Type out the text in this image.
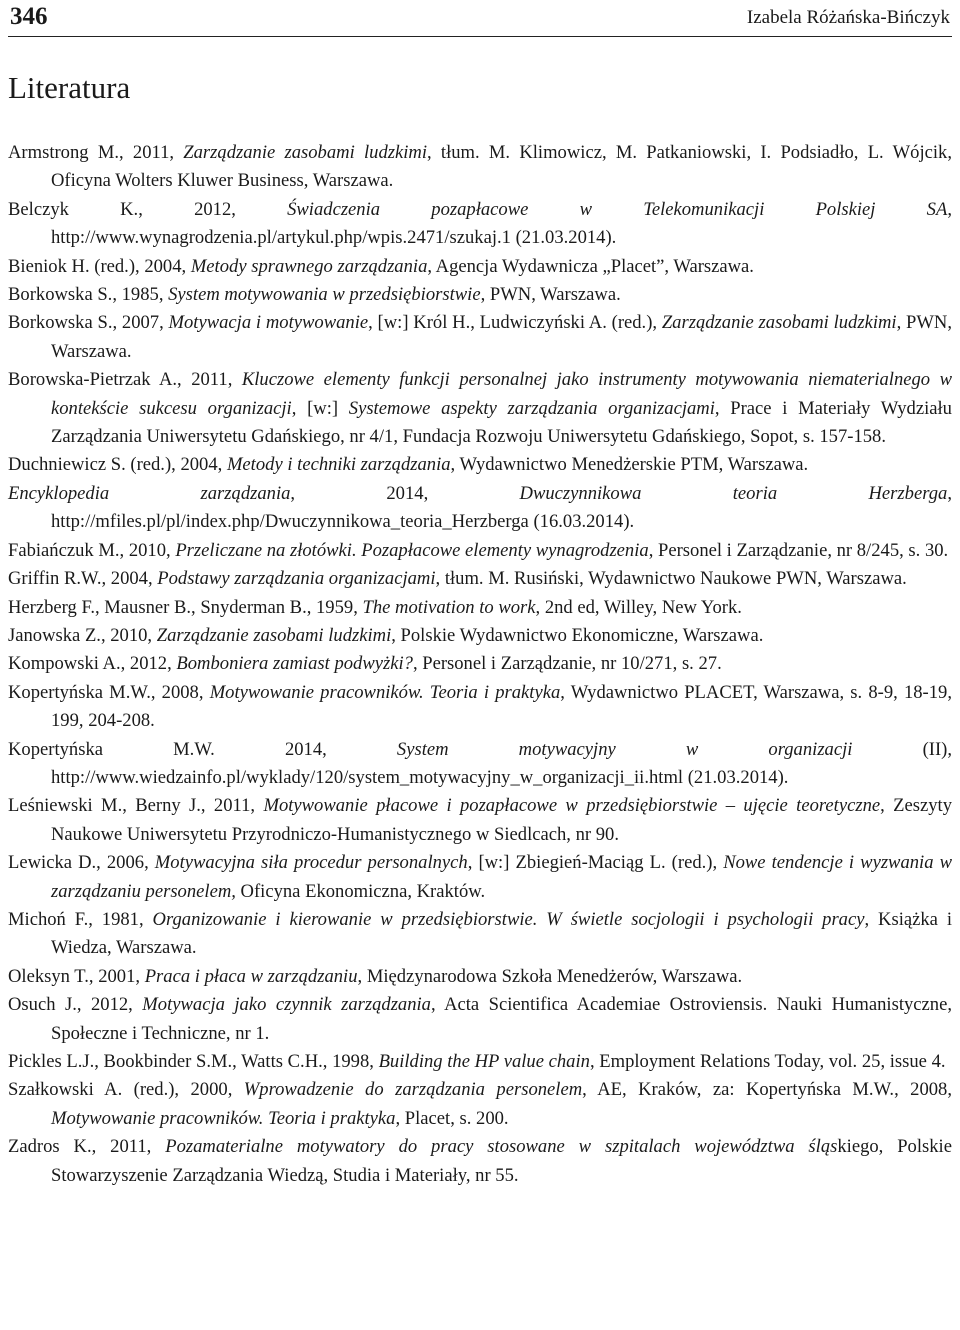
346	Izabela Różańska-Bińczyk
Literatura
Armstrong M., 2011, Zarządzanie zasobami ludzkimi, tłum. M. Klimowicz, M. Patkaniowski, I. Podsiadło, L. Wójcik, Oficyna Wolters Kluwer Business, Warszawa.
Belczyk K., 2012, Świadczenia pozapłacowe w Telekomunikacji Polskiej SA, http://www.wynagrodzenia.pl/artykul.php/wpis.2471/szukaj.1 (21.03.2014).
Bieniok H. (red.), 2004, Metody sprawnego zarządzania, Agencja Wydawnicza „Placet”, Warszawa.
Borkowska S., 1985, System motywowania w przedsiębiorstwie, PWN, Warszawa.
Borkowska S., 2007, Motywacja i motywowanie, [w:] Król H., Ludwiczyński A. (red.), Zarządzanie zasobami ludzkimi, PWN, Warszawa.
Borowska-Pietrzak A., 2011, Kluczowe elementy funkcji personalnej jako instrumenty motywowania niematerialnego w kontekście sukcesu organizacji, [w:] Systemowe aspekty zarządzania organizacjami, Prace i Materiały Wydziału Zarządzania Uniwersytetu Gdańskiego, nr 4/1, Fundacja Rozwoju Uniwersytetu Gdańskiego, Sopot, s. 157-158.
Duchniewicz S. (red.), 2004, Metody i techniki zarządzania, Wydawnictwo Menedżerskie PTM, Warszawa.
Encyklopedia zarządzania, 2014, Dwuczynnikowa teoria Herzberga, http://mfiles.pl/pl/index.php/Dwuczynnikowa_teoria_Herzberga (16.03.2014).
Fabiańczuk M., 2010, Przeliczane na złotówki. Pozapłacowe elementy wynagrodzenia, Personel i Zarządzanie, nr 8/245, s. 30.
Griffin R.W., 2004, Podstawy zarządzania organizacjami, tłum. M. Rusiński, Wydawnictwo Naukowe PWN, Warszawa.
Herzberg F., Mausner B., Snyderman B., 1959, The motivation to work, 2nd ed, Willey, New York.
Janowska Z., 2010, Zarządzanie zasobami ludzkimi, Polskie Wydawnictwo Ekonomiczne, Warszawa.
Kompowski A., 2012, Bomboniera zamiast podwyżki?, Personel i Zarządzanie, nr 10/271, s. 27.
Kopertyńska M.W., 2008, Motywowanie pracowników. Teoria i praktyka, Wydawnictwo PLACET, Warszawa, s. 8-9, 18-19, 199, 204-208.
Kopertyńska M.W. 2014, System motywacyjny w organizacji (II), http://www.wiedzainfo.pl/wyklady/120/system_motywacyjny_w_organizacji_ii.html (21.03.2014).
Leśniewski M., Berny J., 2011, Motywowanie płacowe i pozapłacowe w przedsiębiorstwie – ujęcie teoretyczne, Zeszyty Naukowe Uniwersytetu Przyrodniczo-Humanistycznego w Siedlcach, nr 90.
Lewicka D., 2006, Motywacyjna siła procedur personalnych, [w:] Zbiegień-Maciąg L. (red.), Nowe tendencje i wyzwania w zarządzaniu personelem, Oficyna Ekonomiczna, Kraktów.
Michoń F., 1981, Organizowanie i kierowanie w przedsiębiorstwie. W świetle socjologii i psychologii pracy, Książka i Wiedza, Warszawa.
Oleksyn T., 2001, Praca i płaca w zarządzaniu, Międzynarodowa Szkoła Menedżerów, Warszawa.
Osuch J., 2012, Motywacja jako czynnik zarządzania, Acta Scientifica Academiae Ostroviensis. Nauki Humanistyczne, Społeczne i Techniczne, nr 1.
Pickles L.J., Bookbinder S.M., Watts C.H., 1998, Building the HP value chain, Employment Relations Today, vol. 25, issue 4.
Szałkowski A. (red.), 2000, Wprowadzenie do zarządzania personelem, AE, Kraków, za: Kopertyńska M.W., 2008, Motywowanie pracowników. Teoria i praktyka, Placet, s. 200.
Zadros K., 2011, Pozamaterialne motywatory do pracy stosowane w szpitalach województwa śląskiego, Polskie Stowarzyszenie Zarządzania Wiedzą, Studia i Materiały, nr 55.
